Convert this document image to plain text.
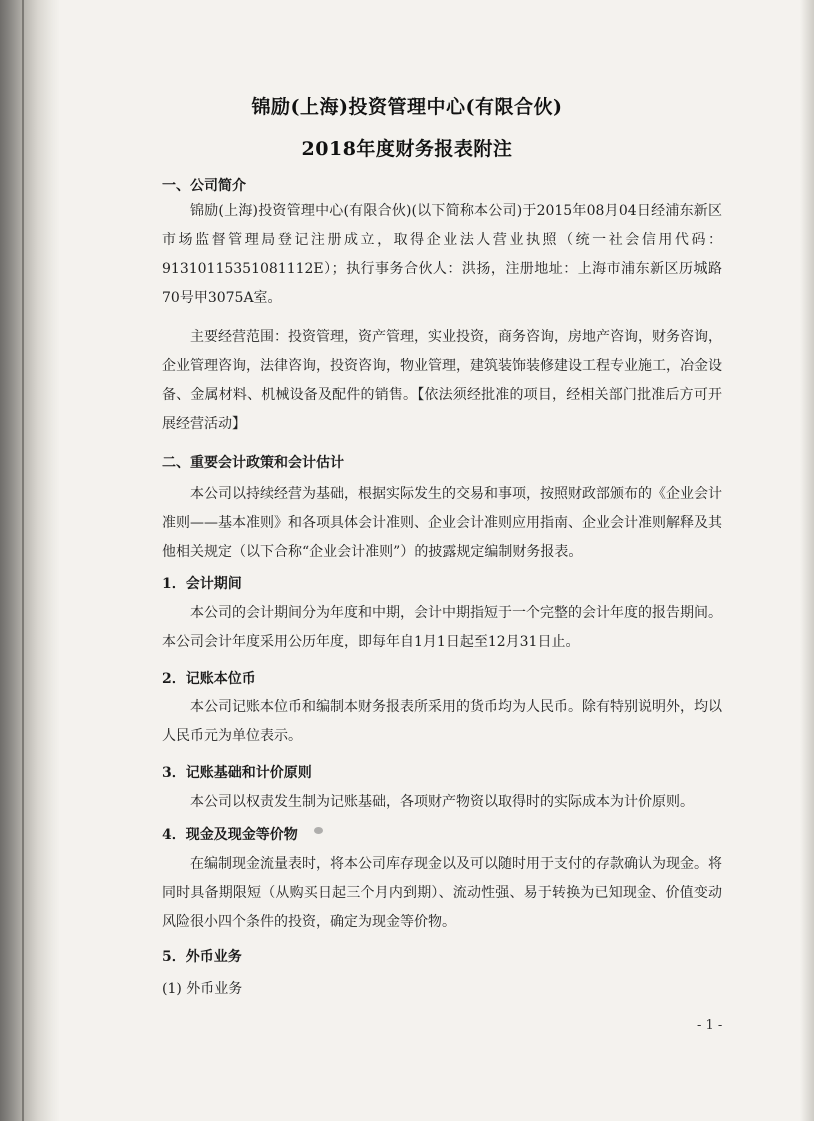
锦励(上海)投资管理中心(有限合伙)
2018年度财务报表附注
一、公司简介

锦励(上海)投资管理中心(有限合伙)(以下简称本公司)于2015年08月04日经浦东新区市场监督管理局登记注册成立，取得企业法人营业执照（统一社会信用代码：91310115351081112E）；执行事务合伙人：洪扬，注册地址：上海市浦东新区历城路70号甲3075A室。

主要经营范围：投资管理，资产管理，实业投资，商务咨询，房地产咨询，财务咨询，企业管理咨询，法律咨询，投资咨询，物业管理，建筑装饰装修建设工程专业施工，冶金设备、金属材料、机械设备及配件的销售。【依法须经批准的项目，经相关部门批准后方可开展经营活动】

二、重要会计政策和会计估计

本公司以持续经营为基础，根据实际发生的交易和事项，按照财政部颁布的《企业会计准则——基本准则》和各项具体会计准则、企业会计准则应用指南、企业会计准则解释及其他相关规定（以下合称“企业会计准则”）的披露规定编制财务报表。

1．会计期间

本公司的会计期间分为年度和中期，会计中期指短于一个完整的会计年度的报告期间。本公司会计年度采用公历年度，即每年自1月1日起至12月31日止。

2．记账本位币

本公司记账本位币和编制本财务报表所采用的货币均为人民币。除有特别说明外，均以人民币元为单位表示。

3．记账基础和计价原则

本公司以权责发生制为记账基础，各项财产物资以取得时的实际成本为计价原则。

4．现金及现金等价物

在编制现金流量表时，将本公司库存现金以及可以随时用于支付的存款确认为现金。将同时具备期限短（从购买日起三个月内到期）、流动性强、易于转换为已知现金、价值变动风险很小四个条件的投资，确定为现金等价物。

5．外币业务
(1) 外币业务
- 1 -
